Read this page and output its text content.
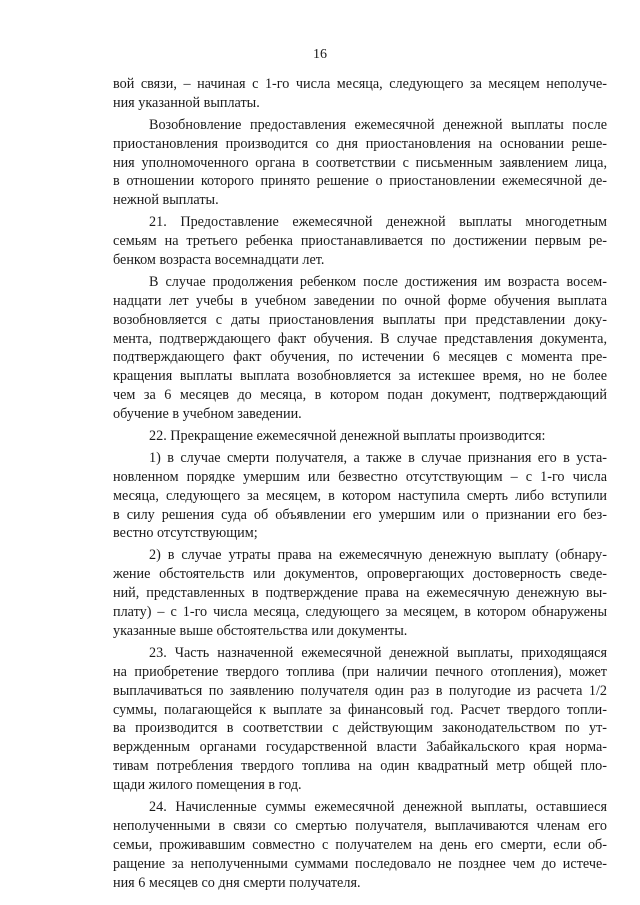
16
вой связи, – начиная с 1-го числа месяца, следующего за месяцем неполуче-
ния указанной выплаты.
Возобновление предоставления ежемесячной денежной выплаты после
приостановления производится со дня приостановления на основании реше-
ния уполномоченного органа в соответствии с письменным заявлением лица,
в отношении которого принято решение о приостановлении ежемесячной де-
нежной выплаты.
21. Предоставление ежемесячной денежной выплаты многодетным
семьям на третьего ребенка приостанавливается по достижении первым ре-
бенком возраста восемнадцати лет.
В случае продолжения ребенком после достижения им возраста восем-
надцати лет учебы в учебном заведении по очной форме обучения выплата
возобновляется с даты приостановления выплаты при представлении доку-
мента, подтверждающего факт обучения. В случае представления документа,
подтверждающего факт обучения, по истечении 6 месяцев с момента пре-
кращения выплаты выплата возобновляется за истекшее время, но не более
чем за 6 месяцев до месяца, в котором подан документ, подтверждающий
обучение в учебном заведении.
22. Прекращение ежемесячной денежной выплаты производится:
1) в случае смерти получателя, а также в случае признания его в уста-
новленном порядке умершим или безвестно отсутствующим – с 1-го числа
месяца, следующего за месяцем, в котором наступила смерть либо вступили
в силу решения суда об объявлении его умершим или о признании его без-
вестно отсутствующим;
2) в случае утраты права на ежемесячную денежную выплату (обнару-
жение обстоятельств или документов, опровергающих достоверность сведе-
ний, представленных в подтверждение права на ежемесячную денежную вы-
плату) – с 1-го числа месяца, следующего за месяцем, в котором обнаружены
указанные выше обстоятельства или документы.
23. Часть назначенной ежемесячной денежной выплаты, приходящаяся
на приобретение твердого топлива (при наличии печного отопления), может
выплачиваться по заявлению получателя один раз в полугодие из расчета 1/2
суммы, полагающейся к выплате за финансовый год. Расчет твердого топли-
ва производится в соответствии с действующим законодательством по ут-
вержденным органами государственной власти Забайкальского края норма-
тивам потребления твердого топлива на один квадратный метр общей пло-
щади жилого помещения в год.
24. Начисленные суммы ежемесячной денежной выплаты, оставшиеся
неполученными в связи со смертью получателя, выплачиваются членам его
семьи, проживавшим совместно с получателем на день его смерти, если об-
ращение за неполученными суммами последовало не позднее чем до истече-
ния 6 месяцев со дня смерти получателя.
